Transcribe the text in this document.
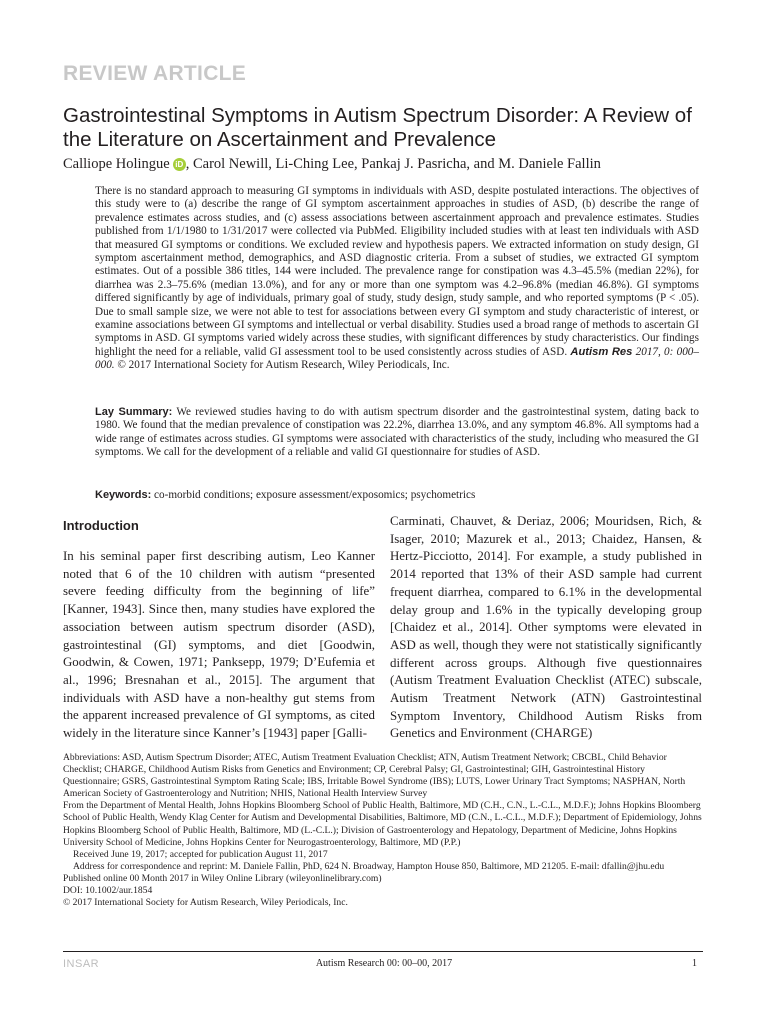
REVIEW ARTICLE
Gastrointestinal Symptoms in Autism Spectrum Disorder: A Review of the Literature on Ascertainment and Prevalence
Calliope Holingue iD , Carol Newill, Li-Ching Lee, Pankaj J. Pasricha, and M. Daniele Fallin

There is no standard approach to measuring GI symptoms in individuals with ASD, despite postulated interactions. The objectives of this study were to (a) describe the range of GI symptom ascertainment approaches in studies of ASD, (b) describe the range of prevalence estimates across studies, and (c) assess associations between ascertainment approach and prevalence estimates. Studies published from 1/1/1980 to 1/31/2017 were collected via PubMed. Eligibility included studies with at least ten individuals with ASD that measured GI symptoms or conditions. We excluded review and hypothesis papers. We extracted information on study design, GI symptom ascertainment method, demographics, and ASD diagnostic criteria. From a subset of studies, we extracted GI symptom estimates. Out of a possible 386 titles, 144 were included. The prevalence range for constipation was 4.3–45.5% (median 22%), for diarrhea was 2.3–75.6% (median 13.0%), and for any or more than one symptom was 4.2–96.8% (median 46.8%). GI symptoms differed significantly by age of individuals, primary goal of study, study design, study sample, and who reported symptoms (P < .05). Due to small sample size, we were not able to test for associations between every GI symptom and study characteristic of interest, or examine associations between GI symptoms and intellectual or verbal disability. Studies used a broad range of methods to ascertain GI symptoms in ASD. GI symptoms varied widely across these studies, with significant differences by study characteristics. Our findings highlight the need for a reliable, valid GI assessment tool to be used consistently across studies of ASD. Autism Res 2017, 0: 000–000. © 2017 International Society for Autism Research, Wiley Periodicals, Inc.

Lay Summary: We reviewed studies having to do with autism spectrum disorder and the gastrointestinal system, dating back to 1980. We found that the median prevalence of constipation was 22.2%, diarrhea 13.0%, and any symptom 46.8%. All symptoms had a wide range of estimates across studies. GI symptoms were associated with characteristics of the study, including who measured the GI symptoms. We call for the development of a reliable and valid GI questionnaire for studies of ASD.

Keywords: co-morbid conditions; exposure assessment/exposomics; psychometrics

Introduction

In his seminal paper first describing autism, Leo Kanner noted that 6 of the 10 children with autism “presented severe feeding difficulty from the beginning of life” [Kanner, 1943]. Since then, many studies have explored the association between autism spectrum disorder (ASD), gastrointestinal (GI) symptoms, and diet [Goodwin, Goodwin, & Cowen, 1971; Panksepp, 1979; D’Eufemia et al., 1996; Bresnahan et al., 2015]. The argument that individuals with ASD have a non-healthy gut stems from the apparent increased prevalence of GI symptoms, as cited widely in the literature since Kanner’s [1943] paper [Galli-

Carminati, Chauvet, & Deriaz, 2006; Mouridsen, Rich, & Isager, 2010; Mazurek et al., 2013; Chaidez, Hansen, & Hertz-Picciotto, 2014]. For example, a study published in 2014 reported that 13% of their ASD sample had current frequent diarrhea, compared to 6.1% in the developmental delay group and 1.6% in the typically developing group [Chaidez et al., 2014]. Other symptoms were elevated in ASD as well, though they were not statistically significantly different across groups. Although five questionnaires (Autism Treatment Evaluation Checklist (ATEC) subscale, Autism Treatment Network (ATN) Gastrointestinal Symptom Inventory, Childhood Autism Risks from Genetics and Environment (CHARGE)

Abbreviations: ASD, Autism Spectrum Disorder; ATEC, Autism Treatment Evaluation Checklist; ATN, Autism Treatment Network; CBCBL, Child Behavior Checklist; CHARGE, Childhood Autism Risks from Genetics and Environment; CP, Cerebral Palsy; GI, Gastrointestinal; GIH, Gastrointestinal History Questionnaire; GSRS, Gastrointestinal Symptom Rating Scale; IBS, Irritable Bowel Syndrome (IBS); LUTS, Lower Urinary Tract Symptoms; NASPHAN, North American Society of Gastroenterology and Nutrition; NHIS, National Health Interview Survey

From the Department of Mental Health, Johns Hopkins Bloomberg School of Public Health, Baltimore, MD (C.H., C.N., L.-C.L., M.D.F.); Johns Hopkins Bloomberg School of Public Health, Wendy Klag Center for Autism and Developmental Disabilities, Baltimore, MD (C.N., L.-C.L., M.D.F.); Department of Epidemiology, Johns Hopkins Bloomberg School of Public Health, Baltimore, MD (L.-C.L.); Division of Gastroenterology and Hepatology, Department of Medicine, Johns Hopkins University School of Medicine, Johns Hopkins Center for Neurogastroenterology, Baltimore, MD (P.P.)

Received June 19, 2017; accepted for publication August 11, 2017

Address for correspondence and reprint: M. Daniele Fallin, PhD, 624 N. Broadway, Hampton House 850, Baltimore, MD 21205. E-mail: dfallin@jhu.edu

Published online 00 Month 2017 in Wiley Online Library (wileyonlinelibrary.com)

DOI: 10.1002/aur.1854

© 2017 International Society for Autism Research, Wiley Periodicals, Inc.

INSAR	Autism Research 00: 00–00, 2017	1
